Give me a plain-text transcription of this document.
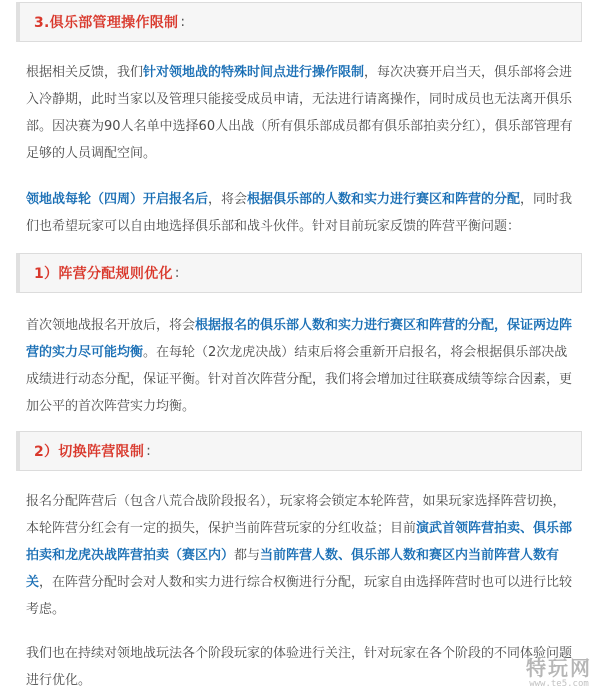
3.俱乐部管理操作限制 :
根据相关反馈，我们针对领地战的特殊时间点进行操作限制，每次决赛开启当天，俱乐部将会进入冷静期，此时当家以及管理只能接受成员申请，无法进行请离操作，同时成员也无法离开俱乐部。因决赛为90人名单中选择60人出战（所有俱乐部成员都有俱乐部拍卖分红），俱乐部管理有足够的人员调配空间。
领地战每轮（四周）开启报名后，将会根据俱乐部的人数和实力进行赛区和阵营的分配，同时我们也希望玩家可以自由地选择俱乐部和战斗伙伴。针对目前玩家反馈的阵营平衡问题：
1）阵营分配规则优化 :
首次领地战报名开放后，将会根据报名的俱乐部人数和实力进行赛区和阵营的分配，保证两边阵营的实力尽可能均衡。在每轮（2次龙虎决战）结束后将会重新开启报名，将会根据俱乐部决战成绩进行动态分配，保证平衡。针对首次阵营分配，我们将会增加过往联赛成绩等综合因素，更加公平的首次阵营实力均衡。
2）切换阵营限制 :
报名分配阵营后（包含八荒合战阶段报名），玩家将会锁定本轮阵营，如果玩家选择阵营切换，本轮阵营分红会有一定的损失，保护当前阵营玩家的分红收益；目前演武首领阵营拍卖、俱乐部拍卖和龙虎决战阵营拍卖（赛区内）都与当前阵营人数、俱乐部人数和赛区内当前阵营人数有关，在阵营分配时会对人数和实力进行综合权衡进行分配，玩家自由选择阵营时也可以进行比较考虑。
我们也在持续对领地战玩法各个阶段玩家的体验进行关注，针对玩家在各个阶段的不同体验问题进行优化。
特玩网
www.te5.com
